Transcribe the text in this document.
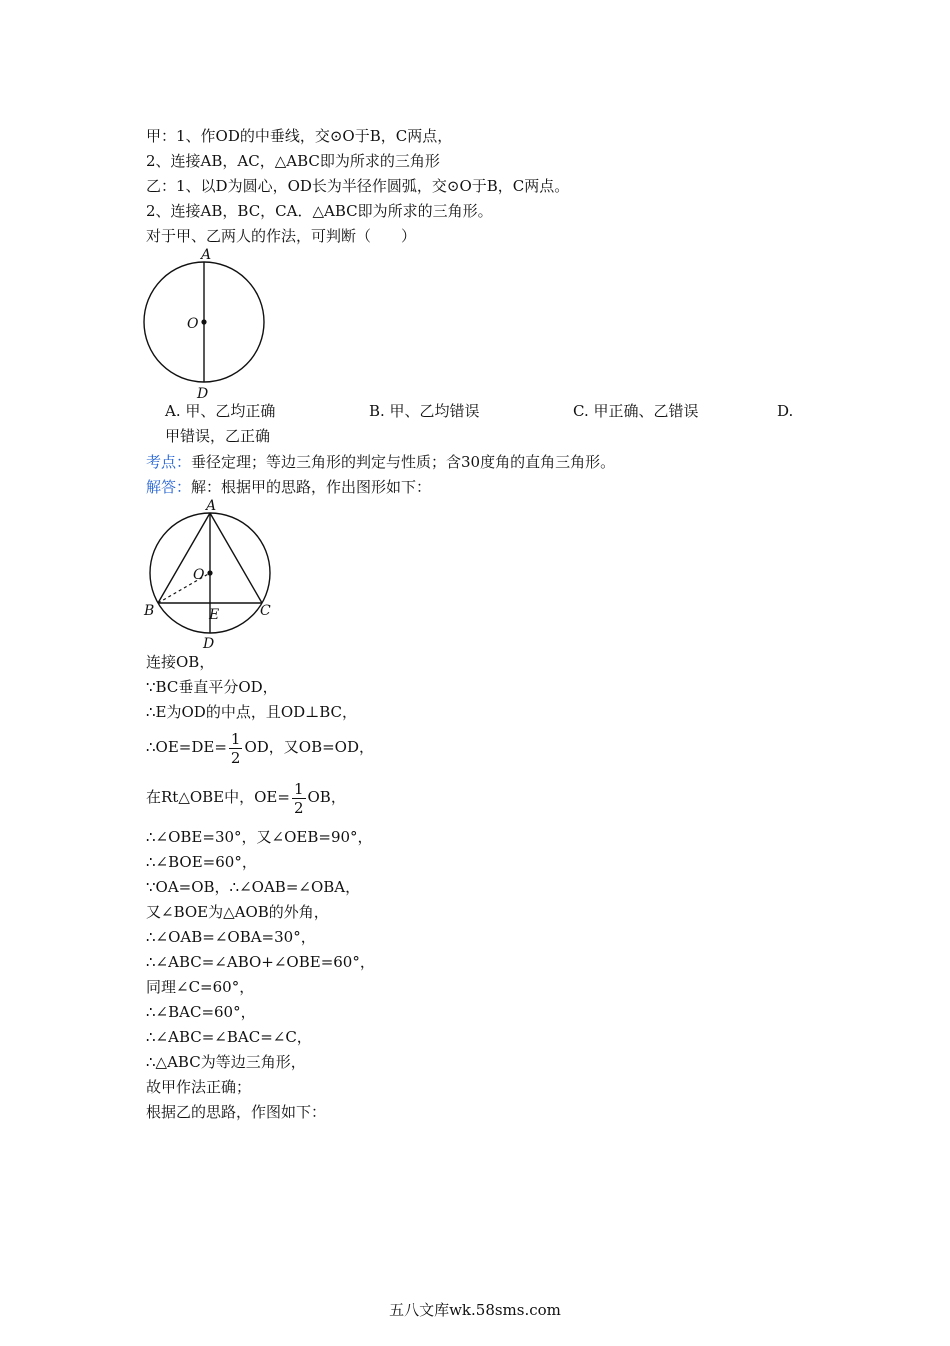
甲：1、作OD的中垂线，交⊙O于B，C两点，
2、连接AB，AC，△ABC即为所求的三角形
乙：1、以D为圆心，OD长为半径作圆弧，交⊙O于B，C两点。
2、连接AB，BC，CA．△ABC即为所求的三角形。
对于甲、乙两人的作法，可判断（　　）
A
O
D
A. 甲、乙均正确	B. 甲、乙均错误	C. 甲正确、乙错误	D.
甲错误，乙正确
考点：垂径定理；等边三角形的判定与性质；含30度角的直角三角形。
解答：解：根据甲的思路，作出图形如下：
A
O
B	C
E
D
连接OB，
∵BC垂直平分OD，
∴E为OD的中点，且OD⊥BC，
∴OE=DE= $\frac{1}{2}$ OD，又OB=OD，
在Rt△OBE中，$OE= \frac{1}{2}$ OB，
∴∠OBE=30°，又∠OEB=90°，
∴∠BOE=60°，
∵OA=OB，∴∠OAB=∠OBA，
又∠BOE为△AOB的外角，
∴∠OAB=∠OBA=30°，
∴∠ABC=∠ABO+∠OBE=60°，
同理∠C=60°，
∴∠BAC=60°，
∴∠ABC=∠BAC=∠C，
∴△ABC为等边三角形，
故甲作法正确；
根据乙的思路，作图如下：
五八文库wk.58sms.com
